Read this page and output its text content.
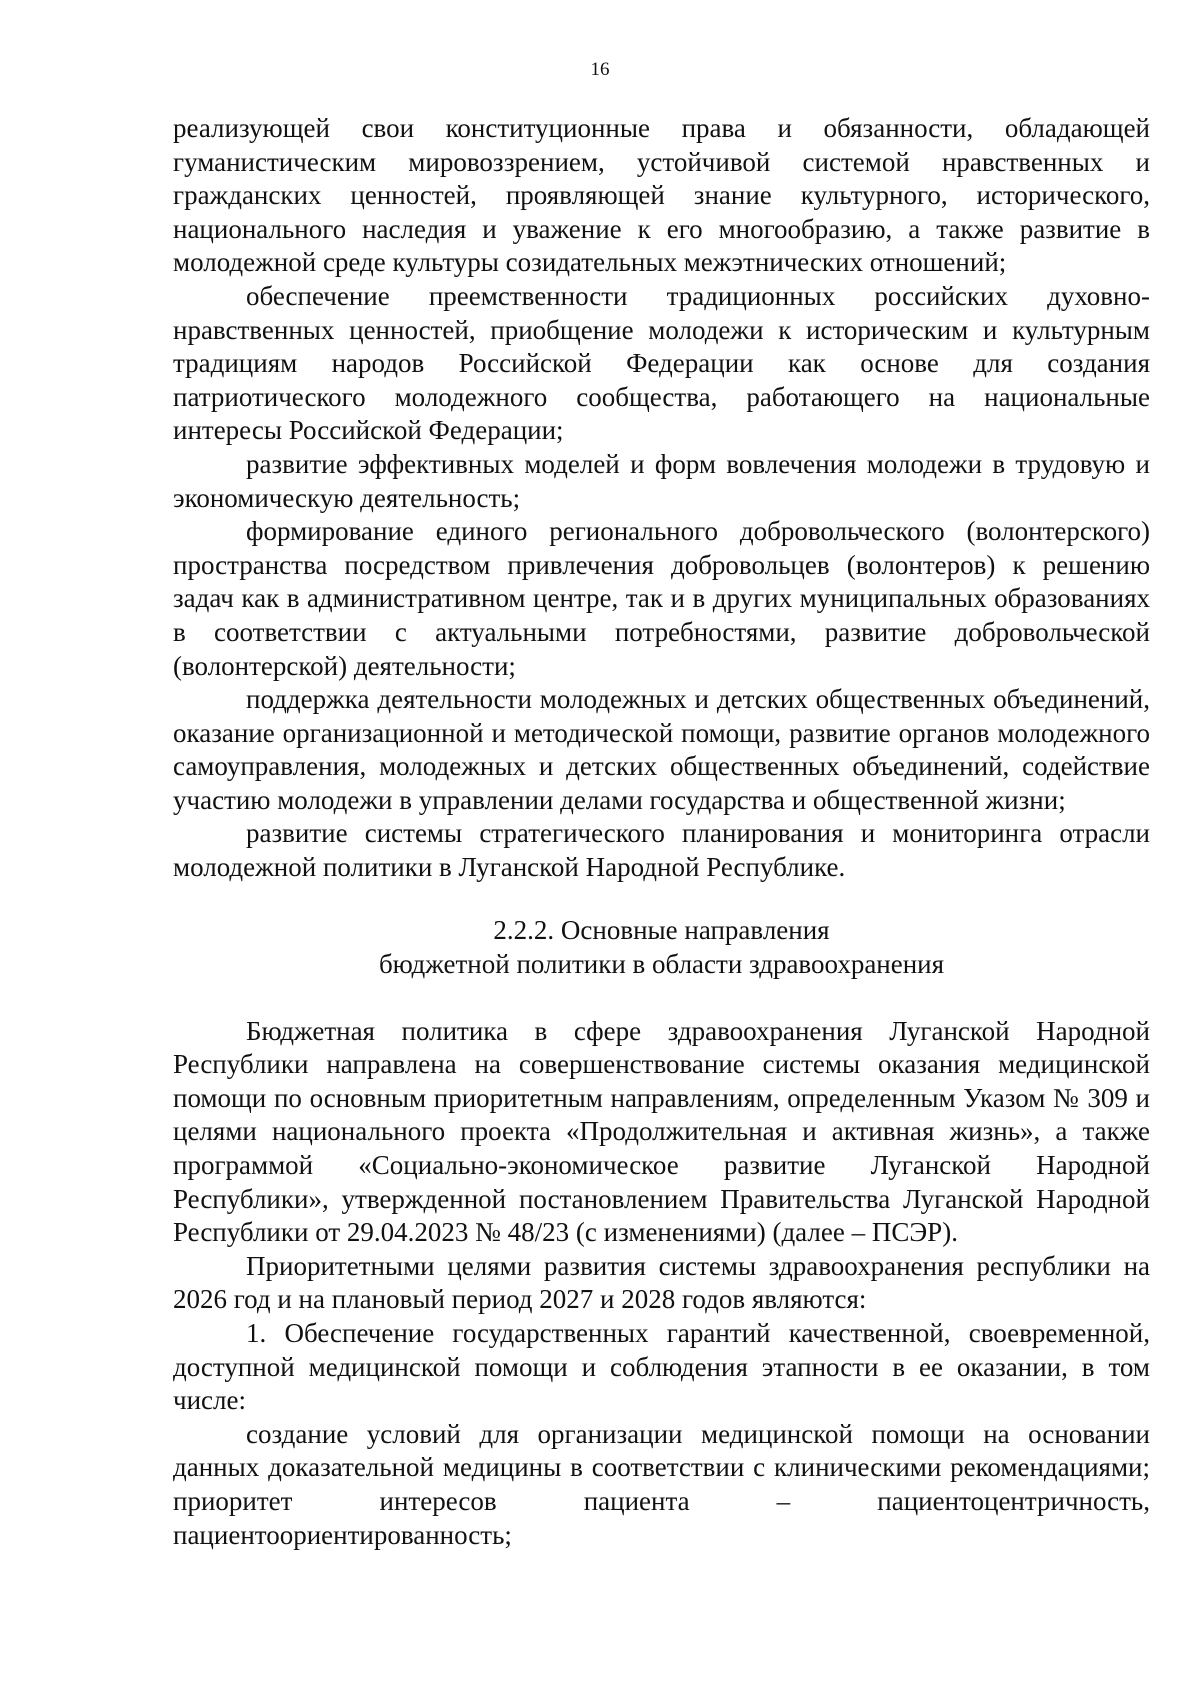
16

реализующей свои конституционные права и обязанности, обладающей гуманистическим мировоззрением, устойчивой системой нравственных и гражданских ценностей, проявляющей знание культурного, исторического, национального наследия и уважение к его многообразию, а также развитие в молодежной среде культуры созидательных межэтнических отношений;

обеспечение преемственности традиционных российских духовно-нравственных ценностей, приобщение молодежи к историческим и культурным традициям народов Российской Федерации как основе для создания патриотического молодежного сообщества, работающего на национальные интересы Российской Федерации;

развитие эффективных моделей и форм вовлечения молодежи в трудовую и экономическую деятельность;

формирование единого регионального добровольческого (волонтерского) пространства посредством привлечения добровольцев (волонтеров) к решению задач как в административном центре, так и в других муниципальных образованиях в соответствии с актуальными потребностями, развитие добровольческой (волонтерской) деятельности;

поддержка деятельности молодежных и детских общественных объединений, оказание организационной и методической помощи, развитие органов молодежного самоуправления, молодежных и детских общественных объединений, содействие участию молодежи в управлении делами государства и общественной жизни;

развитие системы стратегического планирования и мониторинга отрасли молодежной политики в Луганской Народной Республике.

2.2.2. Основные направления
бюджетной политики в области здравоохранения

Бюджетная политика в сфере здравоохранения Луганской Народной Республики направлена на совершенствование системы оказания медицинской помощи по основным приоритетным направлениям, определенным Указом № 309 и целями национального проекта «Продолжительная и активная жизнь», а также программой «Социально-экономическое развитие Луганской Народной Республики», утвержденной постановлением Правительства Луганской Народной Республики от 29.04.2023 № 48/23 (с изменениями) (далее – ПСЭР).

Приоритетными целями развития системы здравоохранения республики на 2026 год и на плановый период 2027 и 2028 годов являются:

1. Обеспечение государственных гарантий качественной, своевременной, доступной медицинской помощи и соблюдения этапности в ее оказании, в том числе:

создание условий для организации медицинской помощи на основании данных доказательной медицины в соответствии с клиническими рекомендациями; приоритет интересов пациента – пациентоцентричность, пациентоориентированность;
